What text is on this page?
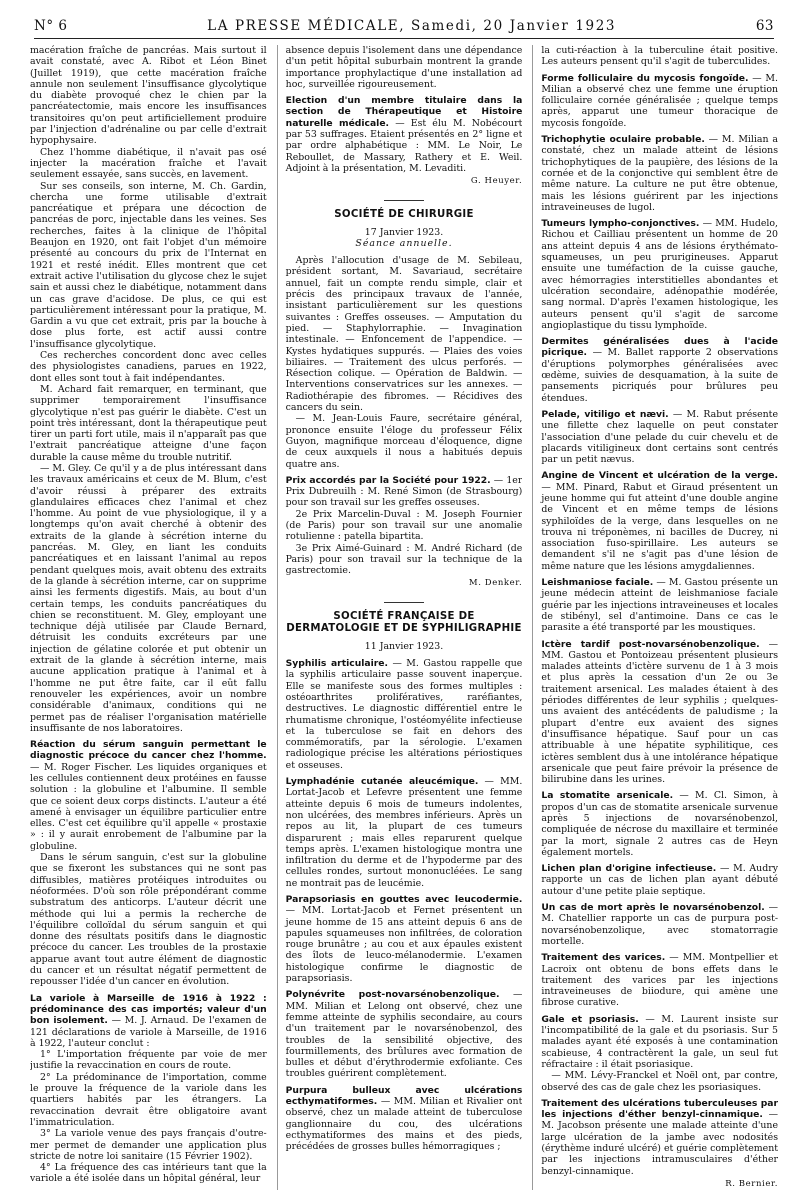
N° 6	LA PRESSE MÉDICALE, Samedi, 20 Janvier 1923	63

macération fraîche de pancréas. Mais surtout il avait constaté, avec A. Ribot et Léon Binet (Juillet 1919), que cette macération fraîche annule non seulement l'insuffisance glycolytique du diabète provoqué chez le chien par la pancréatectomie, mais encore les insuffisances transitoires qu'on peut artificiellement produire par l'injection d'adrénaline ou par celle d'extrait hypophysaire.

Chez l'homme diabétique, il n'avait pas osé injecter la macération fraîche et l'avait seulement essayée, sans succès, en lavement.

Sur ses conseils, son interne, M. Ch. Gardin, chercha une forme utilisable d'extrait pancréatique et prépara une décoction de pancréas de porc, injectable dans les veines. Ses recherches, faites à la clinique de l'hôpital Beaujon en 1920, ont fait l'objet d'un mémoire présenté au concours du prix de l'Internat en 1921 et resté inédit. Elles montrent que cet extrait active l'utilisation du glycose chez le sujet sain et aussi chez le diabétique, notamment dans un cas grave d'acidose. De plus, ce qui est particulièrement intéressant pour la pratique, M. Gardin a vu que cet extrait, pris par la bouche à dose plus forte, est actif aussi contre l'insuffisance glycolytique.

Ces recherches concordent donc avec celles des physiologistes canadiens, parues en 1922, dont elles sont tout à fait indépendantes.

M. Achard fait remarquer, en terminant, que supprimer temporairement l'insuffisance glycolytique n'est pas guérir le diabète. C'est un point très intéressant, dont la thérapeutique peut tirer un parti fort utile, mais il n'apparaît pas que l'extrait pancréatique atteigne d'une façon durable la cause même du trouble nutritif.

— M. Gley. Ce qu'il y a de plus intéressant dans les travaux américains et ceux de M. Blum, c'est d'avoir réussi à préparer des extraits glandulaires efficaces chez l'animal et chez l'homme. Au point de vue physiologique, il y a longtemps qu'on avait cherché à obtenir des extraits de la glande à sécrétion interne du pancréas. M. Gley, en liant les conduits pancréatiques et en laissant l'animal au repos pendant quelques mois, avait obtenu des extraits de la glande à sécrétion interne, car on supprime ainsi les ferments digestifs. Mais, au bout d'un certain temps, les conduits pancréatiques du chien se reconstituent. M. Gley, employant une technique déjà utilisée par Claude Bernard, détruisit les conduits excréteurs par une injection de gélatine colorée et put obtenir un extrait de la glande à sécrétion interne, mais aucune application pratique à l'animal et à l'homme ne put être faite, car il eût fallu renouveler les expériences, avoir un nombre considérable d'animaux, conditions qui ne permet pas de réaliser l'organisation matérielle insuffisante de nos laboratoires.

Réaction du sérum sanguin permettant le diagnostic précoce du cancer chez l'homme. — M. Roger Fischer. Les liquides organiques et les cellules contiennent deux protéines en fausse solution : la globuline et l'albumine. Il semble que ce soient deux corps distincts. L'auteur a été amené à envisager un équilibre particulier entre elles. C'est cet équilibre qu'il appelle « prostaxie » : il y aurait enrobement de l'albumine par la globuline.

Dans le sérum sanguin, c'est sur la globuline que se fixeront les substances qui ne sont pas diffusibles, matières protéiques introduites ou néoformées. D'où son rôle prépondérant comme substratum des anticorps. L'auteur décrit une méthode qui lui a permis la recherche de l'équilibre colloïdal du sérum sanguin et qui donne des résultats positifs dans le diagnostic précoce du cancer. Les troubles de la prostaxie apparue avant tout autre élément de diagnostic du cancer et un résultat négatif permettent de repousser l'idée d'un cancer en évolution.

La variole à Marseille de 1916 à 1922 : prédominance des cas importés; valeur d'un bon isolement. — M. J. Arnaud. De l'examen de 121 déclarations de variole à Marseille, de 1916 à 1922, l'auteur conclut :

1° L'importation fréquente par voie de mer justifie la revaccination en cours de route.

2° La prédominance de l'importation, comme le prouve la fréquence de la variole dans les quartiers habités par les étrangers. La revaccination devrait être obligatoire avant l'immatriculation.

3° La variole venue des pays français d'outre-mer permet de demander une application plus stricte de notre loi sanitaire (15 Février 1902).

4° La fréquence des cas intérieurs tant que la variole a été isolée dans un hôpital général, leur

absence depuis l'isolement dans une dépendance d'un petit hôpital suburbain montrent la grande importance prophylactique d'une installation ad hoc, surveillée rigoureusement.

Election d'un membre titulaire dans la section de Thérapeutique et Histoire naturelle médicale. — Est élu M. Nobécourt par 53 suffrages. Etaient présentés en 2° ligne et par ordre alphabétique : MM. Le Noir, Le Reboullet, de Massary, Rathery et E. Weil. Adjoint à la présentation, M. Levaditi.

G. Heuyer.
SOCIÉTÉ DE CHIRURGIE
17 Janvier 1923.
Séance annuelle.

Après l'allocution d'usage de M. Sebileau, président sortant, M. Savariaud, secrétaire annuel, fait un compte rendu simple, clair et précis des principaux travaux de l'année, insistant particulièrement sur les questions suivantes : Greffes osseuses. — Amputation du pied. — Staphylorraphie. — Invagination intestinale. — Enfoncement de l'appendice. — Kystes hydatiques suppurés. — Plaies des voies biliaires. — Traitement des ulcus perforés. — Résection colique. — Opération de Baldwin. — Interventions conservatrices sur les annexes. — Radiothérapie des fibromes. — Récidives des cancers du sein.

— M. Jean-Louis Faure, secrétaire général, prononce ensuite l'éloge du professeur Félix Guyon, magnifique morceau d'éloquence, digne de ceux auxquels il nous a habitués depuis quatre ans.

Prix accordés par la Société pour 1922. — 1er Prix Dubreuilh : M. René Simon (de Strasbourg) pour son travail sur les greffes osseuses.

2e Prix Marcelin-Duval : M. Joseph Fournier (de Paris) pour son travail sur une anomalie rotulienne : patella bipartita.

3e Prix Aimé-Guinard : M. André Richard (de Paris) pour son travail sur la technique de la gastrectomie.

M. Denker.
SOCIÉTÉ FRANÇAISE DE DERMATOLOGIE ET DE SYPHILIGRAPHIE
11 Janvier 1923.

Syphilis articulaire. — M. Gastou rappelle que la syphilis articulaire passe souvent inaperçue. Elle se manifeste sous des formes multiples : ostéoarthrites prolifératives, raréfiantes, destructives. Le diagnostic différentiel entre le rhumatisme chronique, l'ostéomyélite infectieuse et la tuberculose se fait en dehors des commémoratifs, par la sérologie. L'examen radiologique précise les altérations périostiques et osseuses.

Lymphadénie cutanée aleucémique. — MM. Lortat-Jacob et Lefevre présentent une femme atteinte depuis 6 mois de tumeurs indolentes, non ulcérées, des membres inférieurs. Après un repos au lit, la plupart de ces tumeurs disparurent ; mais elles reparurent quelque temps après. L'examen histologique montra une infiltration du derme et de l'hypoderme par des cellules rondes, surtout mononucléées. Le sang ne montrait pas de leucémie.

Parapsoriasis en gouttes avec leucodermie. — MM. Lortat-Jacob et Fernet présentent un jeune homme de 15 ans atteint depuis 6 ans de papules squameuses non infiltrées, de coloration rouge brunâtre ; au cou et aux épaules existent des îlots de leuco-mélanodermie. L'examen histologique confirme le diagnostic de parapsoriasis.

Polynévrite post-novarsénobenzolique. — MM. Milian et Lelong ont observé, chez une femme atteinte de syphilis secondaire, au cours d'un traitement par le novarsénobenzol, des troubles de la sensibilité objective, des fourmillements, des brûlures avec formation de bulles et début d'érythrodermie exfoliante. Ces troubles guérirent complètement.

Purpura bulleux avec ulcérations ecthymatiformes. — MM. Milian et Rivalier ont observé, chez un malade atteint de tuberculose ganglionnaire du cou, des ulcérations ecthymatiformes des mains et des pieds, précédées de grosses bulles hémorragiques ;

la cuti-réaction à la tuberculine était positive. Les auteurs pensent qu'il s'agit de tuberculides.

Forme folliculaire du mycosis fongoïde. — M. Milian a observé chez une femme une éruption folliculaire cornée généralisée ; quelque temps après, apparut une tumeur thoracique de mycosis fongoïde.

Trichophytie oculaire probable. — M. Milian a constaté, chez un malade atteint de lésions trichophytiques de la paupière, des lésions de la cornée et de la conjonctive qui semblent être de même nature. La culture ne put être obtenue, mais les lésions guérirent par les injections intraveineuses de lugol.

Tumeurs lympho-conjonctives. — MM. Hudelo, Richou et Cailliau présentent un homme de 20 ans atteint depuis 4 ans de lésions érythémato-squameuses, un peu prurigineuses. Apparut ensuite une tuméfaction de la cuisse gauche, avec hémorragies interstitielles abondantes et ulcération secondaire, adénopathie modérée, sang normal. D'après l'examen histologique, les auteurs pensent qu'il s'agit de sarcome angioplastique du tissu lymphoïde.

Dermites généralisées dues à l'acide picrique. — M. Ballet rapporte 2 observations d'éruptions polymorphes généralisées avec œdème, suivies de desquamation, à la suite de pansements picriqués pour brûlures peu étendues.

Pelade, vitiligo et nævi. — M. Rabut présente une fillette chez laquelle on peut constater l'association d'une pelade du cuir chevelu et de placards vitiligineux dont certains sont centrés par un petit nævus.

Angine de Vincent et ulcération de la verge. — MM. Pinard, Rabut et Giraud présentent un jeune homme qui fut atteint d'une double angine de Vincent et en même temps de lésions syphiloïdes de la verge, dans lesquelles on ne trouva ni tréponèmes, ni bacilles de Ducrey, ni association fuso-spirillaire. Les auteurs se demandent s'il ne s'agit pas d'une lésion de même nature que les lésions amygdaliennes.

Leishmaniose faciale. — M. Gastou présente un jeune médecin atteint de leishmaniose faciale guérie par les injections intraveineuses et locales de stibényl, sel d'antimoine. Dans ce cas le parasite a été transporté par les moustiques.

Ictère tardif post-novarsénobenzolique. — MM. Gastou et Pontoizeau présentent plusieurs malades atteints d'ictère survenu de 1 à 3 mois et plus après la cessation d'un 2e ou 3e traitement arsenical. Les malades étaient à des périodes différentes de leur syphilis ; quelques-uns avaient des antécédents de paludisme ; la plupart d'entre eux avaient des signes d'insuffisance hépatique. Sauf pour un cas attribuable à une hépatite syphilitique, ces ictères semblent dus à une intolérance hépatique arsenicale que peut faire prévoir la présence de bilirubine dans les urines.

La stomatite arsenicale. — M. Cl. Simon, à propos d'un cas de stomatite arsenicale survenue après 5 injections de novarsénobenzol, compliquée de nécrose du maxillaire et terminée par la mort, signale 2 autres cas de Heyn également mortels.

Lichen plan d'origine infectieuse. — M. Audry rapporte un cas de lichen plan ayant débuté autour d'une petite plaie septique.

Un cas de mort après le novarsénobenzol. — M. Chatellier rapporte un cas de purpura post-novarsénobenzolique, avec stomatorragie mortelle.

Traitement des varices. — MM. Montpellier et Lacroix ont obtenu de bons effets dans le traitement des varices par les injections intraveineuses de biiodure, qui amène une fibrose curative.

Gale et psoriasis. — M. Laurent insiste sur l'incompatibilité de la gale et du psoriasis. Sur 5 malades ayant été exposés à une contamination scabieuse, 4 contractèrent la gale, un seul fut réfractaire : il était psoriasique.

— MM. Lévy-Franckel et Noël ont, par contre, observé des cas de gale chez les psoriasiques.

Traitement des ulcérations tuberculeuses par les injections d'éther benzyl-cinnamique. — M. Jacobson présente une malade atteinte d'une large ulcération de la jambe avec nodosités (érythème induré ulcéré) et guérie complètement par les injections intramusculaires d'éther benzyl-cinnamique.

R. Bernier.
